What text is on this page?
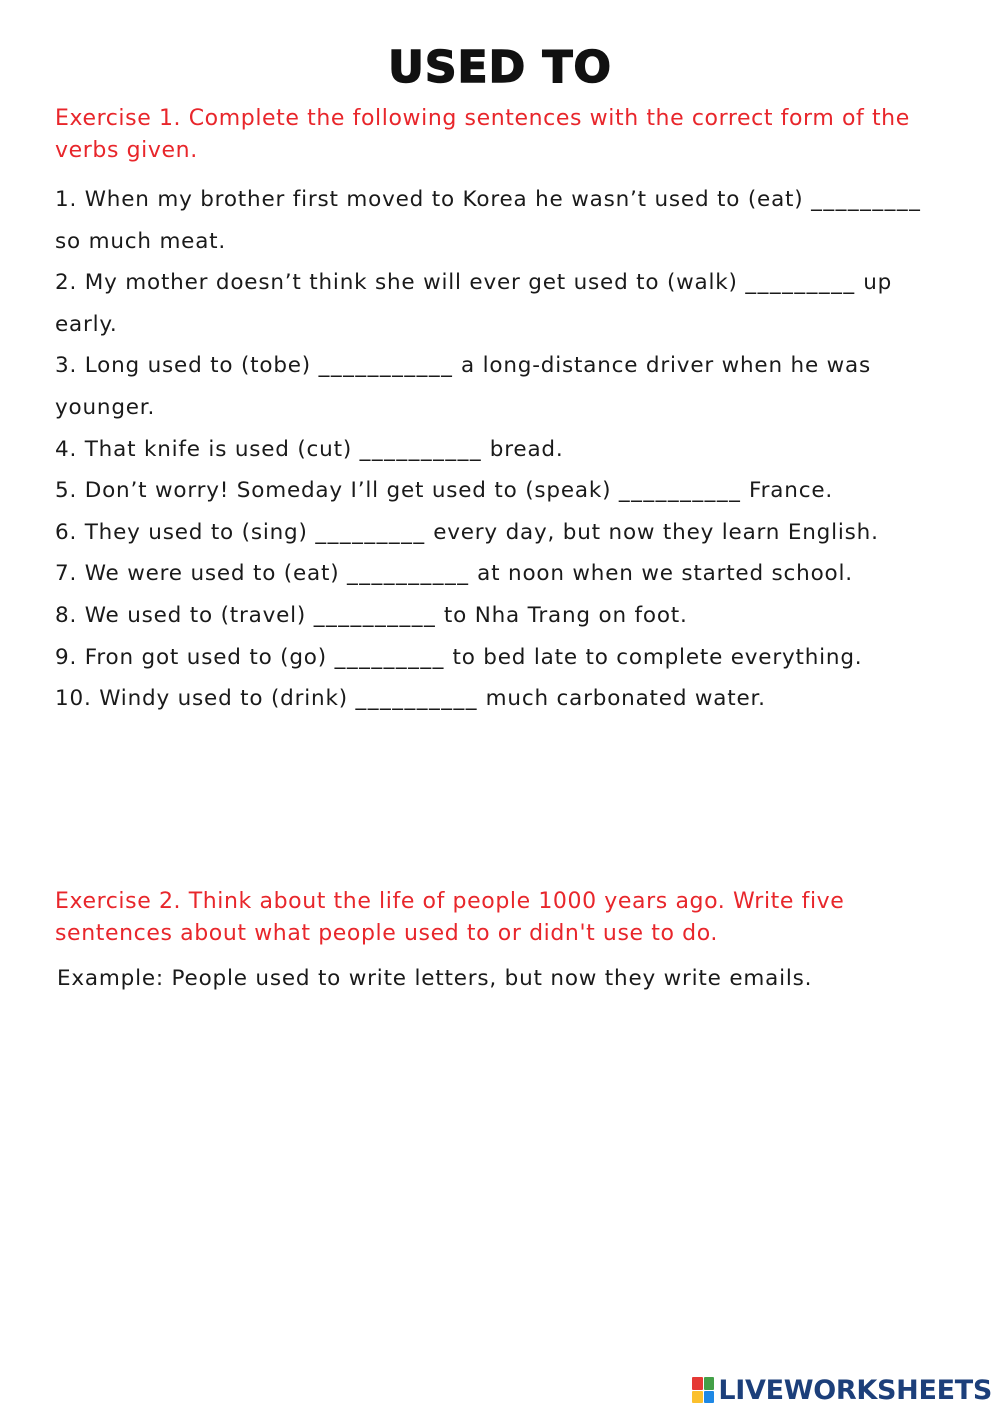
USED TO

Exercise 1. Complete the following sentences with the correct form of the verbs given.

1. When my brother first moved to Korea he wasn’t used to (eat) _________ so much meat.
2. My mother doesn’t think she will ever get used to (walk) _________ up early.
3. Long used to (tobe) ___________ a long-distance driver when he was younger.
4. That knife is used (cut) __________ bread.
5. Don’t worry! Someday I’ll get used to (speak) __________ France.
6. They used to (sing) _________ every day, but now they learn English.
7. We were used to (eat) __________ at noon when we started school.
8. We used to (travel) __________ to Nha Trang on foot.
9. Fron got used to (go) _________ to bed late to complete everything.
10. Windy used to (drink) __________ much carbonated water.

Exercise 2. Think about the life of people 1000 years ago. Write five sentences about what people used to or didn't use to do.

Example: People used to write letters, but now they write emails.
LIVEWORKSHEETS
